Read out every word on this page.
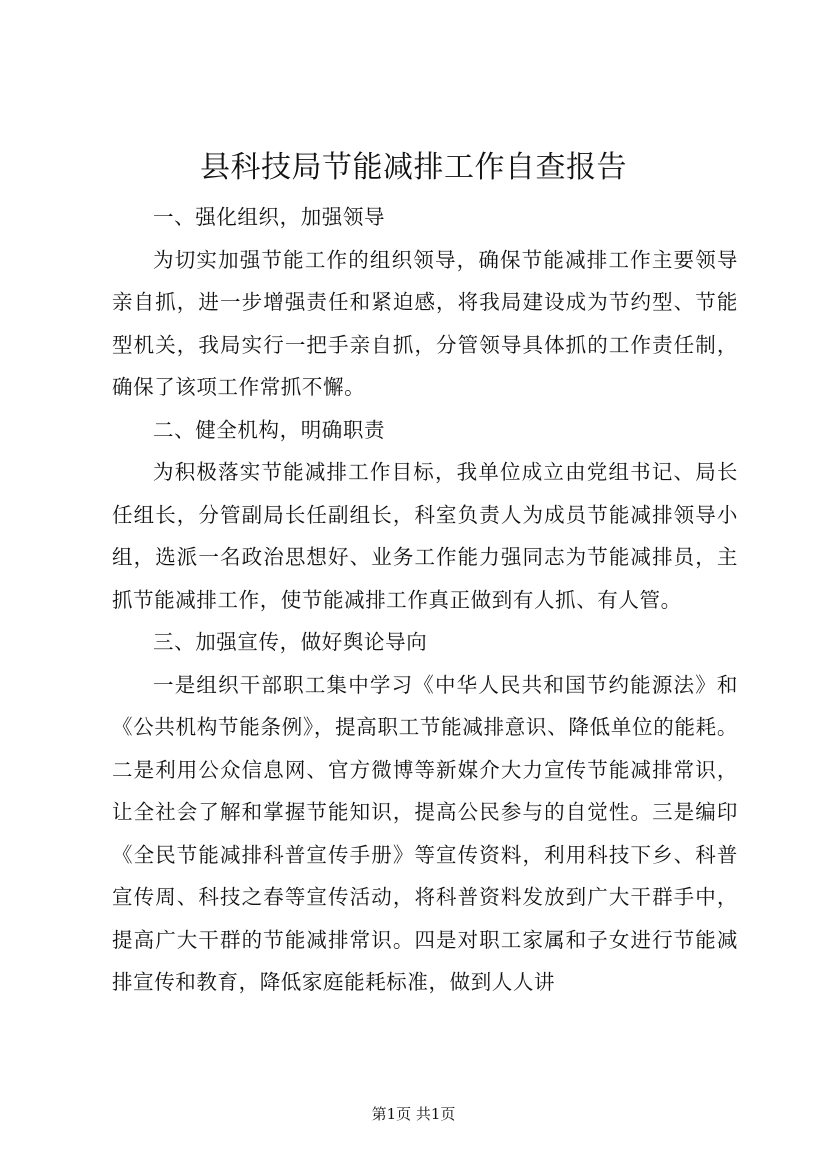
县科技局节能减排工作自查报告

一、强化组织，加强领导

为切实加强节能工作的组织领导，确保节能减排工作主要领导亲自抓，进一步增强责任和紧迫感，将我局建设成为节约型、节能型机关，我局实行一把手亲自抓，分管领导具体抓的工作责任制，确保了该项工作常抓不懈。

二、健全机构，明确职责

为积极落实节能减排工作目标，我单位成立由党组书记、局长任组长，分管副局长任副组长，科室负责人为成员节能减排领导小组，选派一名政治思想好、业务工作能力强同志为节能减排员，主抓节能减排工作，使节能减排工作真正做到有人抓、有人管。

三、加强宣传，做好舆论导向

一是组织干部职工集中学习《中华人民共和国节约能源法》和《公共机构节能条例》，提高职工节能减排意识、降低单位的能耗。二是利用公众信息网、官方微博等新媒介大力宣传节能减排常识，让全社会了解和掌握节能知识，提高公民参与的自觉性。三是编印《全民节能减排科普宣传手册》等宣传资料，利用科技下乡、科普宣传周、科技之春等宣传活动，将科普资料发放到广大干群手中，提高广大干群的节能减排常识。四是对职工家属和子女进行节能减排宣传和教育，降低家庭能耗标准，做到人人讲

第1页 共1页
